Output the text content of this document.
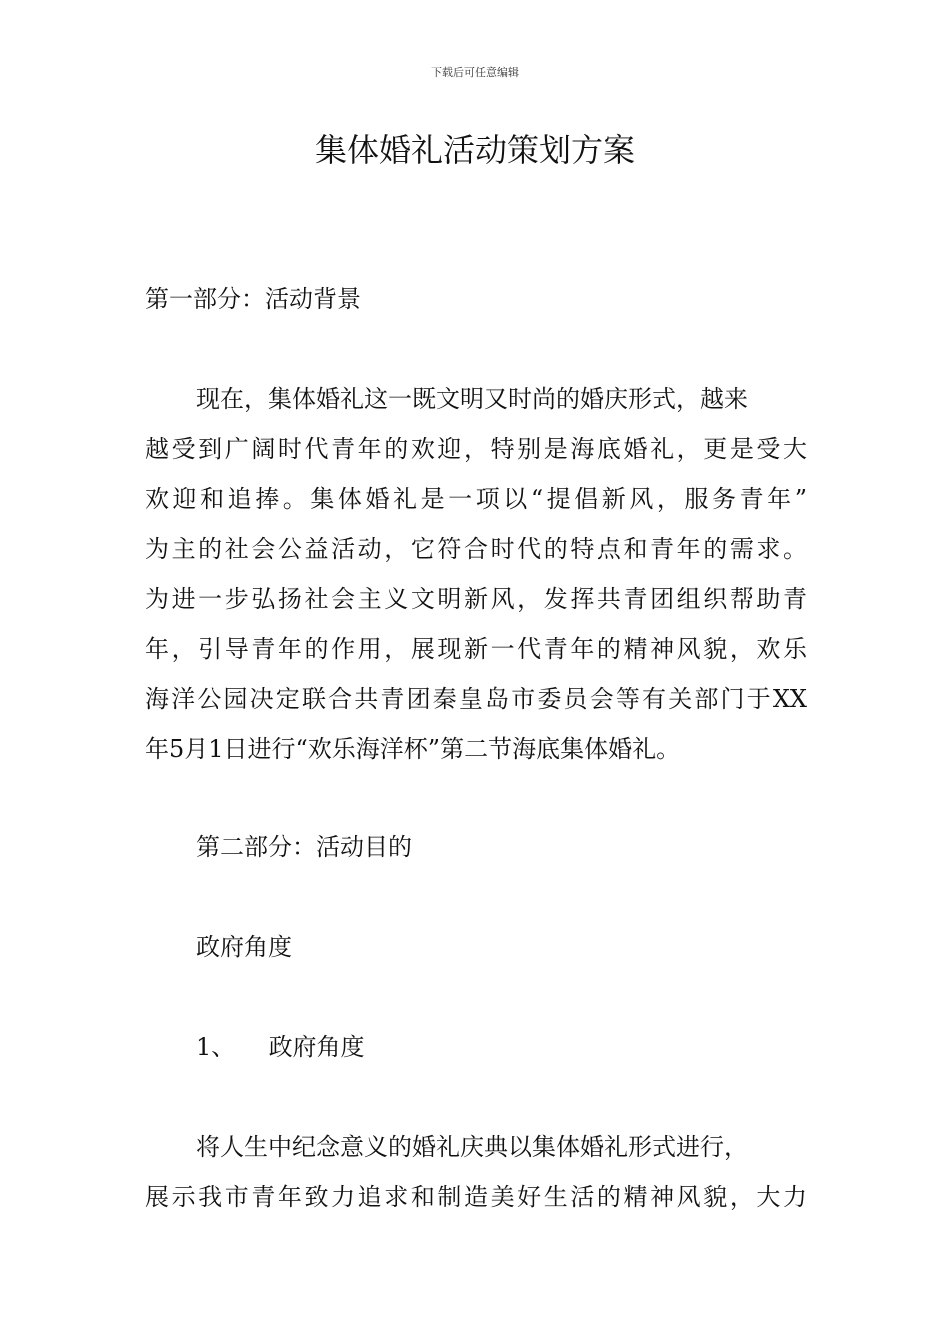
下载后可任意编辑
集体婚礼活动策划方案
第一部分：活动背景
现在，集体婚礼这一既文明又时尚的婚庆形式，越来
越受到广阔时代青年的欢迎，特别是海底婚礼，更是受大
欢迎和追捧。集体婚礼是一项以“提倡新风，服务青年”
为主的社会公益活动，它符合时代的特点和青年的需求。
为进一步弘扬社会主义文明新风，发挥共青团组织帮助青
年，引导青年的作用，展现新一代青年的精神风貌，欢乐
海洋公园决定联合共青团秦皇岛市委员会等有关部门于XX
年5月1日进行“欢乐海洋杯”第二节海底集体婚礼。
第二部分：活动目的
政府角度
1、 政府角度
将人生中纪念意义的婚礼庆典以集体婚礼形式进行，
展示我市青年致力追求和制造美好生活的精神风貌，大力
